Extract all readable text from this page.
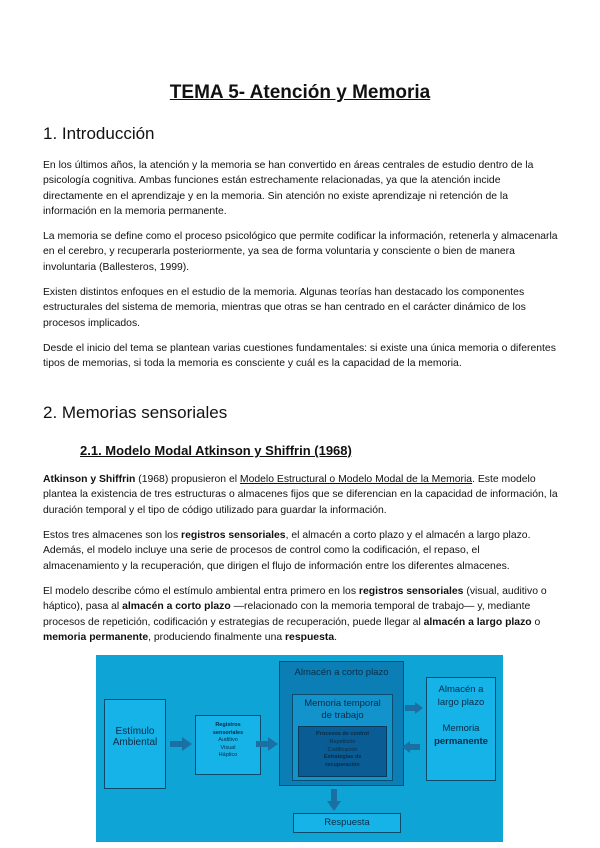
TEMA 5- Atención y Memoria
1. Introducción

En los últimos años, la atención y la memoria se han convertido en áreas centrales de estudio dentro de la psicología cognitiva. Ambas funciones están estrechamente relacionadas, ya que la atención incide directamente en el aprendizaje y en la memoria. Sin atención no existe aprendizaje ni retención de la información en la memoria permanente.

La memoria se define como el proceso psicológico que permite codificar la información, retenerla y almacenarla en el cerebro, y recuperarla posteriormente, ya sea de forma voluntaria y consciente o bien de manera involuntaria (Ballesteros, 1999).

Existen distintos enfoques en el estudio de la memoria. Algunas teorías han destacado los componentes estructurales del sistema de memoria, mientras que otras se han centrado en el carácter dinámico de los procesos implicados.

Desde el inicio del tema se plantean varias cuestiones fundamentales: si existe una única memoria o diferentes tipos de memorias, si toda la memoria es consciente y cuál es la capacidad de la memoria.

2. Memorias sensoriales
2.1. Modelo Modal Atkinson y Shiffrin (1968)

Atkinson y Shiffrin (1968) propusieron el Modelo Estructural o Modelo Modal de la Memoria. Este modelo plantea la existencia de tres estructuras o almacenes fijos que se diferencian en la capacidad de información, la duración temporal y el tipo de código utilizado para guardar la información.

Estos tres almacenes son los registros sensoriales, el almacén a corto plazo y el almacén a largo plazo. Además, el modelo incluye una serie de procesos de control como la codificación, el repaso, el almacenamiento y la recuperación, que dirigen el flujo de información entre los diferentes almacenes.

El modelo describe cómo el estímulo ambiental entra primero en los registros sensoriales (visual, auditivo o háptico), pasa al almacén a corto plazo —relacionado con la memoria temporal de trabajo— y, mediante procesos de repetición, codificación y estrategias de recuperación, puede llegar al almacén a largo plazo o memoria permanente, produciendo finalmente una respuesta.

Estímulo
Ambiental
Registros
sensoriales
Auditivo
Visual
Háptico
Almacén a corto plazo
Memoria temporal
de trabajo
Procesos de control
Repetición
Codificación
Estrategias de
recuperación
Almacén a
largo plazo
Memoria
permanente
Respuesta
